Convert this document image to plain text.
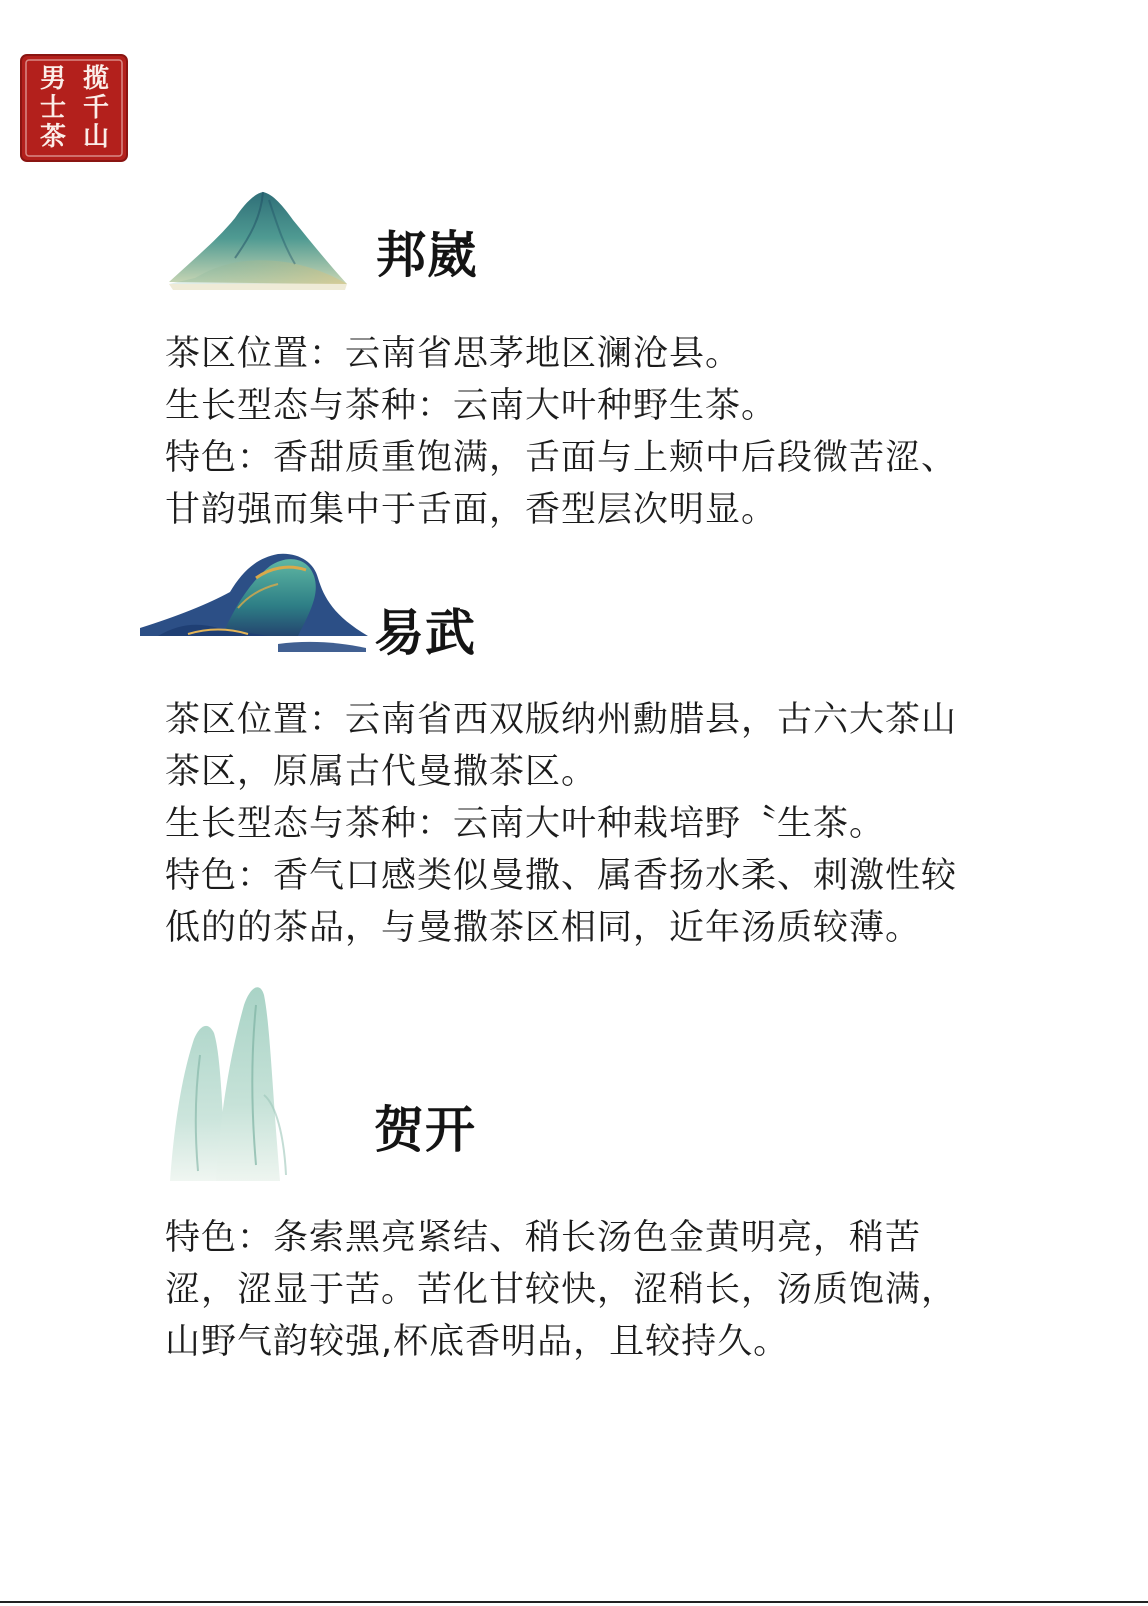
揽
千
山
男
士
茶
邦崴

茶区位置：云南省思茅地区澜沧县。

生长型态与茶种：云南大叶种野生茶。

特色：香甜质重饱满，舌面与上颊中后段微苦涩、甘韵强而集中于舌面，香型层次明显。

易武

茶区位置：云南省西双版纳州勳腊县，古六大茶山茶区，原属古代曼撒茶区。

生长型态与茶种：云南大叶种栽培野〝生茶。

特色：香气口感类似曼撒、属香扬水柔、刺激性较低的的茶品，与曼撒茶区相同，近年汤质较薄。

贺开

特色：条索黑亮紧结、稍长汤色金黄明亮，稍苦涩，涩显于苦。苦化甘较快，涩稍长，汤质饱满，山野气韵较强,杯底香明品，且较持久。
